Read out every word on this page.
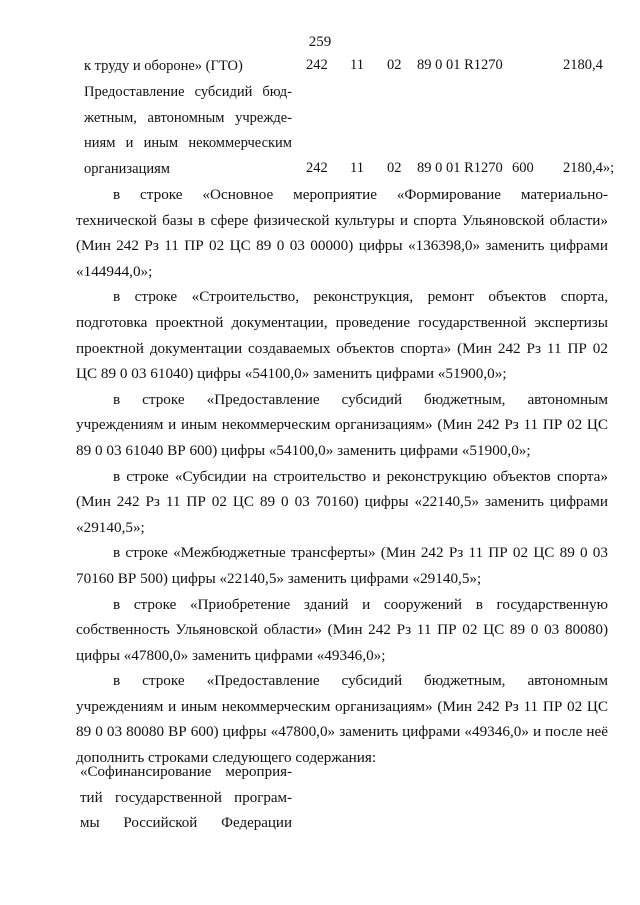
259
к труду и обороне» (ГТО)	242 11 02 89 0 01 R1270	2180,4
Предоставление субсидий бюд-
жетным, автономным учрежде-
ниям и иным некоммерческим
организациям	242 11 02 89 0 01 R1270 600 2180,4»;

в строке «Основное мероприятие «Формирование материально-технической базы в сфере физической культуры и спорта Ульяновской области» (Мин 242 Рз 11 ПР 02 ЦС 89 0 03 00000) цифры «136398,0» заменить цифрами «144944,0»;

в строке «Строительство, реконструкция, ремонт объектов спорта, подготовка проектной документации, проведение государственной экспертизы проектной документации создаваемых объектов спорта» (Мин 242 Рз 11 ПР 02 ЦС 89 0 03 61040) цифры «54100,0» заменить цифрами «51900,0»;

в строке «Предоставление субсидий бюджетным, автономным учреждениям и иным некоммерческим организациям» (Мин 242 Рз 11 ПР 02 ЦС 89 0 03 61040 ВР 600) цифры «54100,0» заменить цифрами «51900,0»;

в строке «Субсидии на строительство и реконструкцию объектов спорта» (Мин 242 Рз 11 ПР 02 ЦС 89 0 03 70160) цифры «22140,5» заменить цифрами «29140,5»;

в строке «Межбюджетные трансферты» (Мин 242 Рз 11 ПР 02 ЦС 89 0 03 70160 ВР 500) цифры «22140,5» заменить цифрами «29140,5»;

в строке «Приобретение зданий и сооружений в государственную собственность Ульяновской области» (Мин 242 Рз 11 ПР 02 ЦС 89 0 03 80080) цифры «47800,0» заменить цифрами «49346,0»;

в строке «Предоставление субсидий бюджетным, автономным учреждениям и иным некоммерческим организациям» (Мин 242 Рз 11 ПР 02 ЦС 89 0 03 80080 ВР 600) цифры «47800,0» заменить цифрами «49346,0» и после неё дополнить строками следующего содержания:

«Софинансирование мероприя-
тий государственной програм-
мы Российской Федерации
